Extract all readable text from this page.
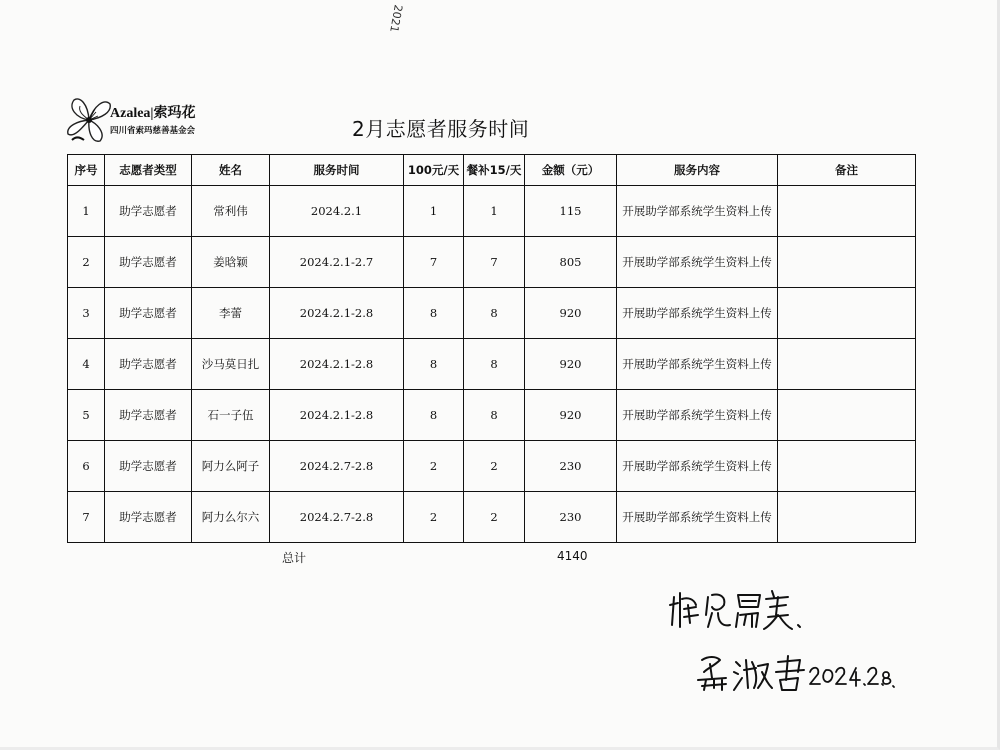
2021
Azalea|索玛花
四川省索玛慈善基金会	2月志愿者服务时间
序号	志愿者类型	姓名	服务时间	100元/天	餐补15/天	金额（元）	服务内容	备注
1	助学志愿者	常利伟	2024.2.1	1	1	115	开展助学部系统学生资料上传	
2	助学志愿者	姜晗颖	2024.2.1-2.7	7	7	805	开展助学部系统学生资料上传	
3	助学志愿者	李蕾	2024.2.1-2.8	8	8	920	开展助学部系统学生资料上传	
4	助学志愿者	沙马莫日扎	2024.2.1-2.8	8	8	920	开展助学部系统学生资料上传	
5	助学志愿者	石一子伍	2024.2.1-2.8	8	8	920	开展助学部系统学生资料上传	
6	助学志愿者	阿力么阿子	2024.2.7-2.8	2	2	230	开展助学部系统学生资料上传	
7	助学志愿者	阿力么尔六	2024.2.7-2.8	2	2	230	开展助学部系统学生资料上传	
总计	4140
